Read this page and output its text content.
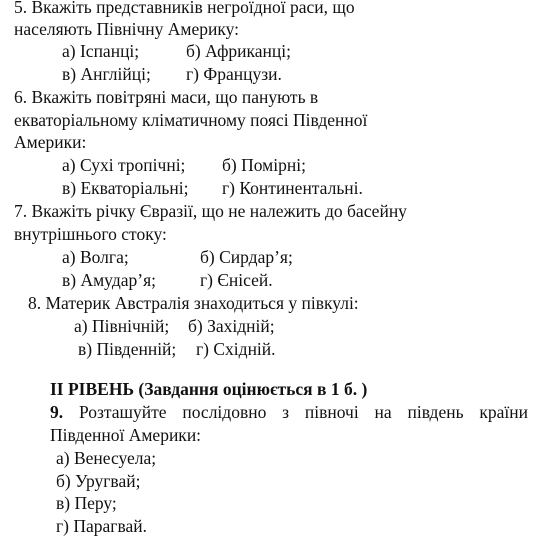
5. Вкажіть представників негроїдної раси, що
населяють Північну Америку:
а) Іспанці;	б) Африканці;
в) Англійці; г) Французи.
6. Вкажіть повітряні маси, що панують в
екваторіальному кліматичному поясі Південної
Америки:
а) Сухі тропічні; б) Помірні;
в) Екваторіальні; г) Континентальні.
7. Вкажіть річку Євразії, що не належить до басейну
внутрішнього стоку:
а) Волга;	б) Сирдар’я;
в) Амудар’я;	г) Єнісей.
8. Материк Австралія знаходиться у півкулі:
а) Північній; б) Західній;
в) Південній; г) Східній.
ІІ РІВЕНЬ (Завдання оцінюється в 1 б. )
9. Розташуйте послідовно з півночі на південь країни
Південної Америки:
а) Венесуела;
б) Уругвай;
в) Перу;
г) Парагвай.
